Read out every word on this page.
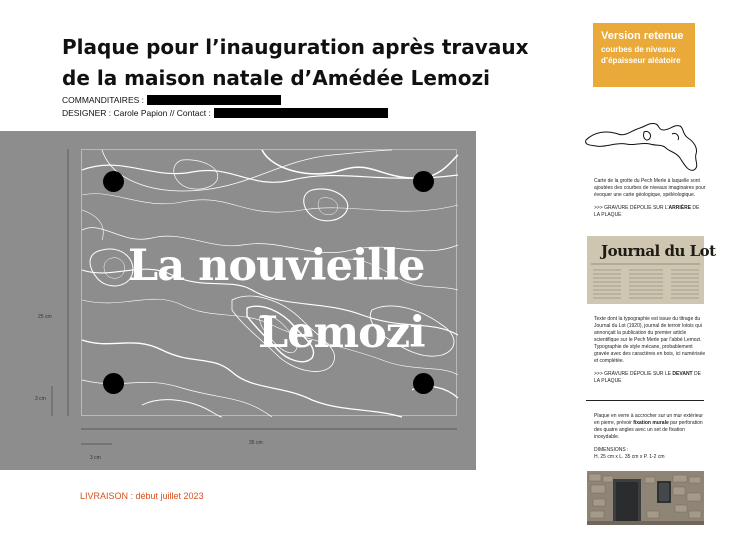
Plaque pour l’inauguration après travaux
de la maison natale d’Amédée Lemozi
COMMANDITAIRES :
DESIGNER : Carole Papion // Contact :
Version retenue
courbes de niveaux d’épaisseur aléatoire
25 cm
3 cm
35 cm
3 cm
La nouvieille
Lemozi
LIVRAISON : début juillet 2023
Carte de la grotte du Pech Merle à laquelle sont ajoutées des courbes de niveaux imaginaires pour évoquer une carte géologique, spéléologique.
>>> GRAVURE DÉPOLIE SUR L’ARRIÈRE DE LA PLAQUE
Journal du Lot
Texte dont la typographie est issue du titrage du Journal du Lot (1920), journal de terroir lotois qui annonçait la publication du premier article scientifique sur le Pech Merle par l’abbé Lemozi. Typographie de style mécane, probablement gravée avec des caractères en bois, ici numérisée et complétée.
>>> GRAVURE DÉPOLIE SUR LE DEVANT DE LA PLAQUE
Plaque en verre à accrocher sur un mur extérieur en pierre, prévoir fixation murale par perforation des quatre angles avec un set de fixation inoxydable.
DIMENSIONS :
H. 25 cm x L. 35 cm x P. 1-2 cm
